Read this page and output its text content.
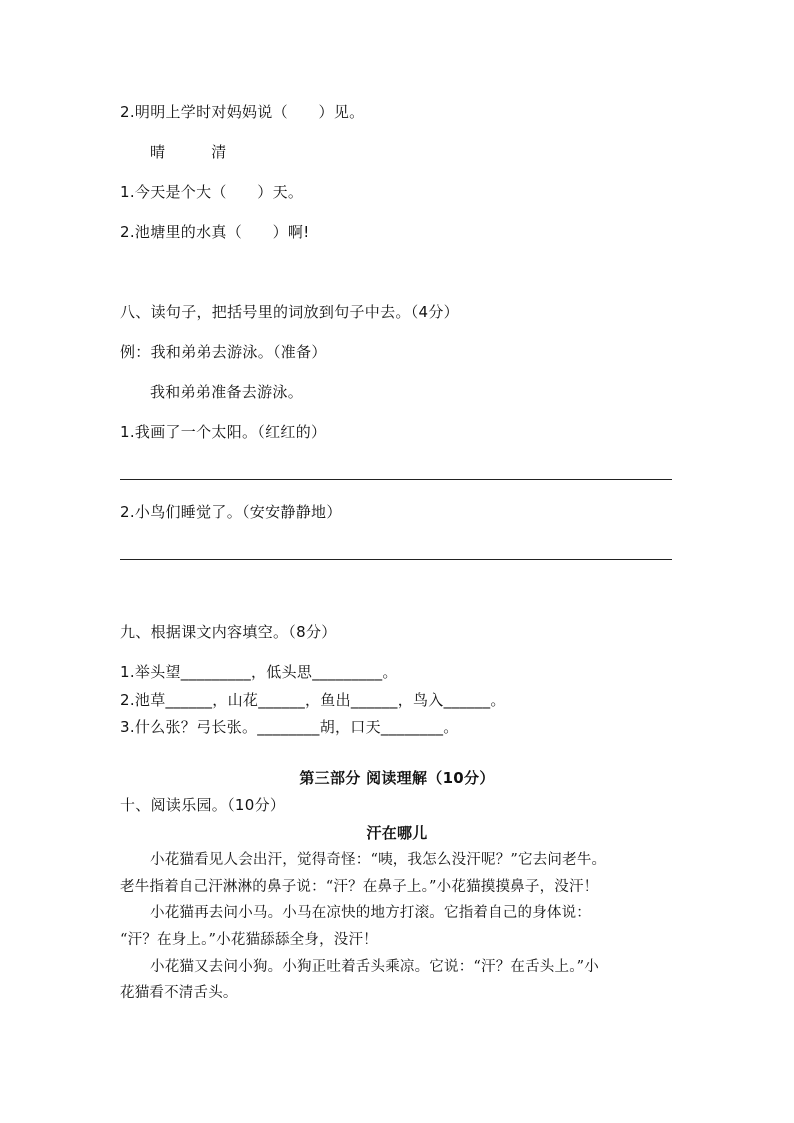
2.明明上学时对妈妈说（　　）见。
晴　　　清
1.今天是个大（　　）天。
2.池塘里的水真（　　）啊!
八、读句子，把括号里的词放到句子中去。（4分）
例：我和弟弟去游泳。（准备）
我和弟弟准备去游泳。
1.我画了一个太阳。（红红的）
2.小鸟们睡觉了。（安安静静地）
九、根据课文内容填空。（8分）
1.举头望_________，低头思_________。
2.池草______，山花______，鱼出______，鸟入______。
3.什么张？弓长张。________胡，口天________。
第三部分 阅读理解（10分）
十、阅读乐园。（10分）
汗在哪儿
小花猫看见人会出汗，觉得奇怪：“咦，我怎么没汗呢？”它去问老牛。
老牛指着自己汗淋淋的鼻子说：“汗？在鼻子上。”小花猫摸摸鼻子，没汗！
小花猫再去问小马。小马在凉快的地方打滚。它指着自己的身体说：
“汗？在身上。”小花猫舔舔全身，没汗！
小花猫又去问小狗。小狗正吐着舌头乘凉。它说：“汗？在舌头上。”小
花猫看不清舌头。
